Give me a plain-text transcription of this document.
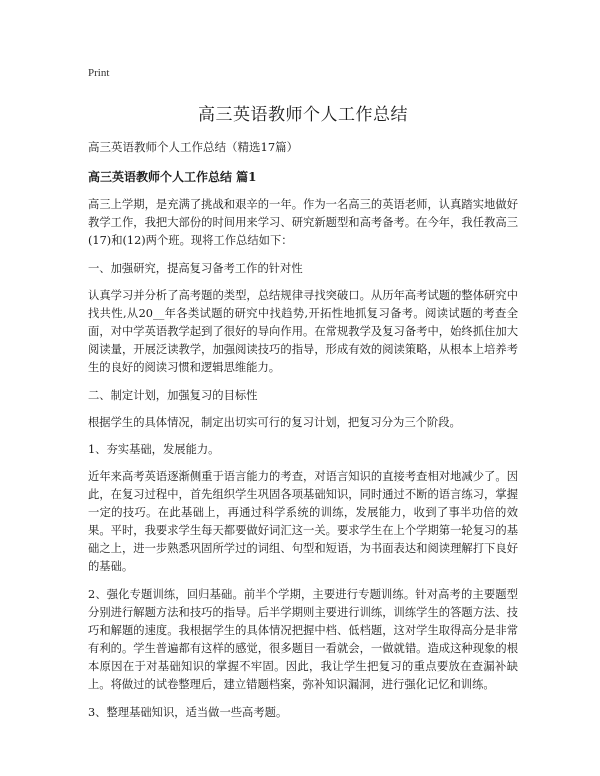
Print
高三英语教师个人工作总结

高三英语教师个人工作总结（精选17篇）

高三英语教师个人工作总结 篇1

高三上学期，是充满了挑战和艰辛的一年。作为一名高三的英语老师，认真踏实地做好教学工作，我把大部份的时间用来学习、研究新题型和高考备考。在今年，我任教高三(17)和(12)两个班。现将工作总结如下：

一、加强研究，提高复习备考工作的针对性

认真学习并分析了高考题的类型，总结规律寻找突破口。从历年高考试题的整体研究中找共性,从20__年各类试题的研究中找趋势,开拓性地抓复习备考。阅读试题的考查全面，对中学英语教学起到了很好的导向作用。在常规教学及复习备考中，始终抓住加大阅读量，开展泛读教学，加强阅读技巧的指导，形成有效的阅读策略，从根本上培养考生的良好的阅读习惯和逻辑思维能力。

二、制定计划，加强复习的目标性

根据学生的具体情况，制定出切实可行的复习计划，把复习分为三个阶段。

1、夯实基础，发展能力。

近年来高考英语逐渐侧重于语言能力的考查，对语言知识的直接考查相对地减少了。因此，在复习过程中，首先组织学生巩固各项基础知识，同时通过不断的语言练习，掌握一定的技巧。在此基础上，再通过科学系统的训练，发展能力，收到了事半功倍的效果。平时，我要求学生每天都要做好词汇这一关。要求学生在上个学期第一轮复习的基础之上，进一步熟悉巩固所学过的词组、句型和短语，为书面表达和阅读理解打下良好的基础。

2、强化专题训练，回归基础。前半个学期，主要进行专题训练。针对高考的主要题型分别进行解题方法和技巧的指导。后半学期则主要进行训练，训练学生的答题方法、技巧和解题的速度。我根据学生的具体情况把握中档、低档题，这对学生取得高分是非常有利的。学生普遍都有这样的感觉，很多题目一看就会，一做就错。造成这种现象的根本原因在于对基础知识的掌握不牢固。因此，我让学生把复习的重点要放在查漏补缺上。将做过的试卷整理后，建立错题档案，弥补知识漏洞，进行强化记忆和训练。

3、整理基础知识，适当做一些高考题。
